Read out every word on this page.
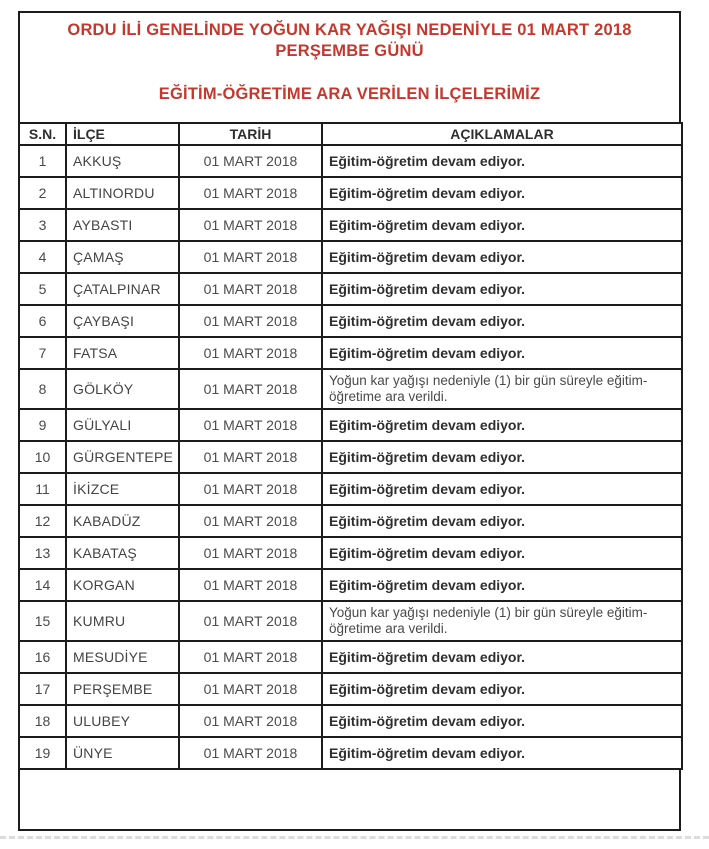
ORDU İLİ GENELİNDE YOĞUN KAR YAĞIŞI NEDENİYLE 01 MART 2018
PERŞEMBE GÜNÜ
EĞİTİM-ÖĞRETİME ARA VERİLEN İLÇELERİMİZ
S.N.	İLÇE	TARİH	AÇIKLAMALAR
1	AKKUŞ	01 MART 2018	Eğitim-öğretim devam ediyor.
2	ALTINORDU	01 MART 2018	Eğitim-öğretim devam ediyor.
3	AYBASTI	01 MART 2018	Eğitim-öğretim devam ediyor.
4	ÇAMAŞ	01 MART 2018	Eğitim-öğretim devam ediyor.
5	ÇATALPINAR	01 MART 2018	Eğitim-öğretim devam ediyor.
6	ÇAYBAŞI	01 MART 2018	Eğitim-öğretim devam ediyor.
7	FATSA	01 MART 2018	Eğitim-öğretim devam ediyor.
8	GÖLKÖY	01 MART 2018	Yoğun kar yağışı nedeniyle (1) bir gün süreyle eğitim-öğretime ara verildi.
9	GÜLYALI	01 MART 2018	Eğitim-öğretim devam ediyor.
10	GÜRGENTEPE	01 MART 2018	Eğitim-öğretim devam ediyor.
11	İKİZCE	01 MART 2018	Eğitim-öğretim devam ediyor.
12	KABADÜZ	01 MART 2018	Eğitim-öğretim devam ediyor.
13	KABATAŞ	01 MART 2018	Eğitim-öğretim devam ediyor.
14	KORGAN	01 MART 2018	Eğitim-öğretim devam ediyor.
15	KUMRU	01 MART 2018	Yoğun kar yağışı nedeniyle (1) bir gün süreyle eğitim-öğretime ara verildi.
16	MESUDİYE	01 MART 2018	Eğitim-öğretim devam ediyor.
17	PERŞEMBE	01 MART 2018	Eğitim-öğretim devam ediyor.
18	ULUBEY	01 MART 2018	Eğitim-öğretim devam ediyor.
19	ÜNYE	01 MART 2018	Eğitim-öğretim devam ediyor.
